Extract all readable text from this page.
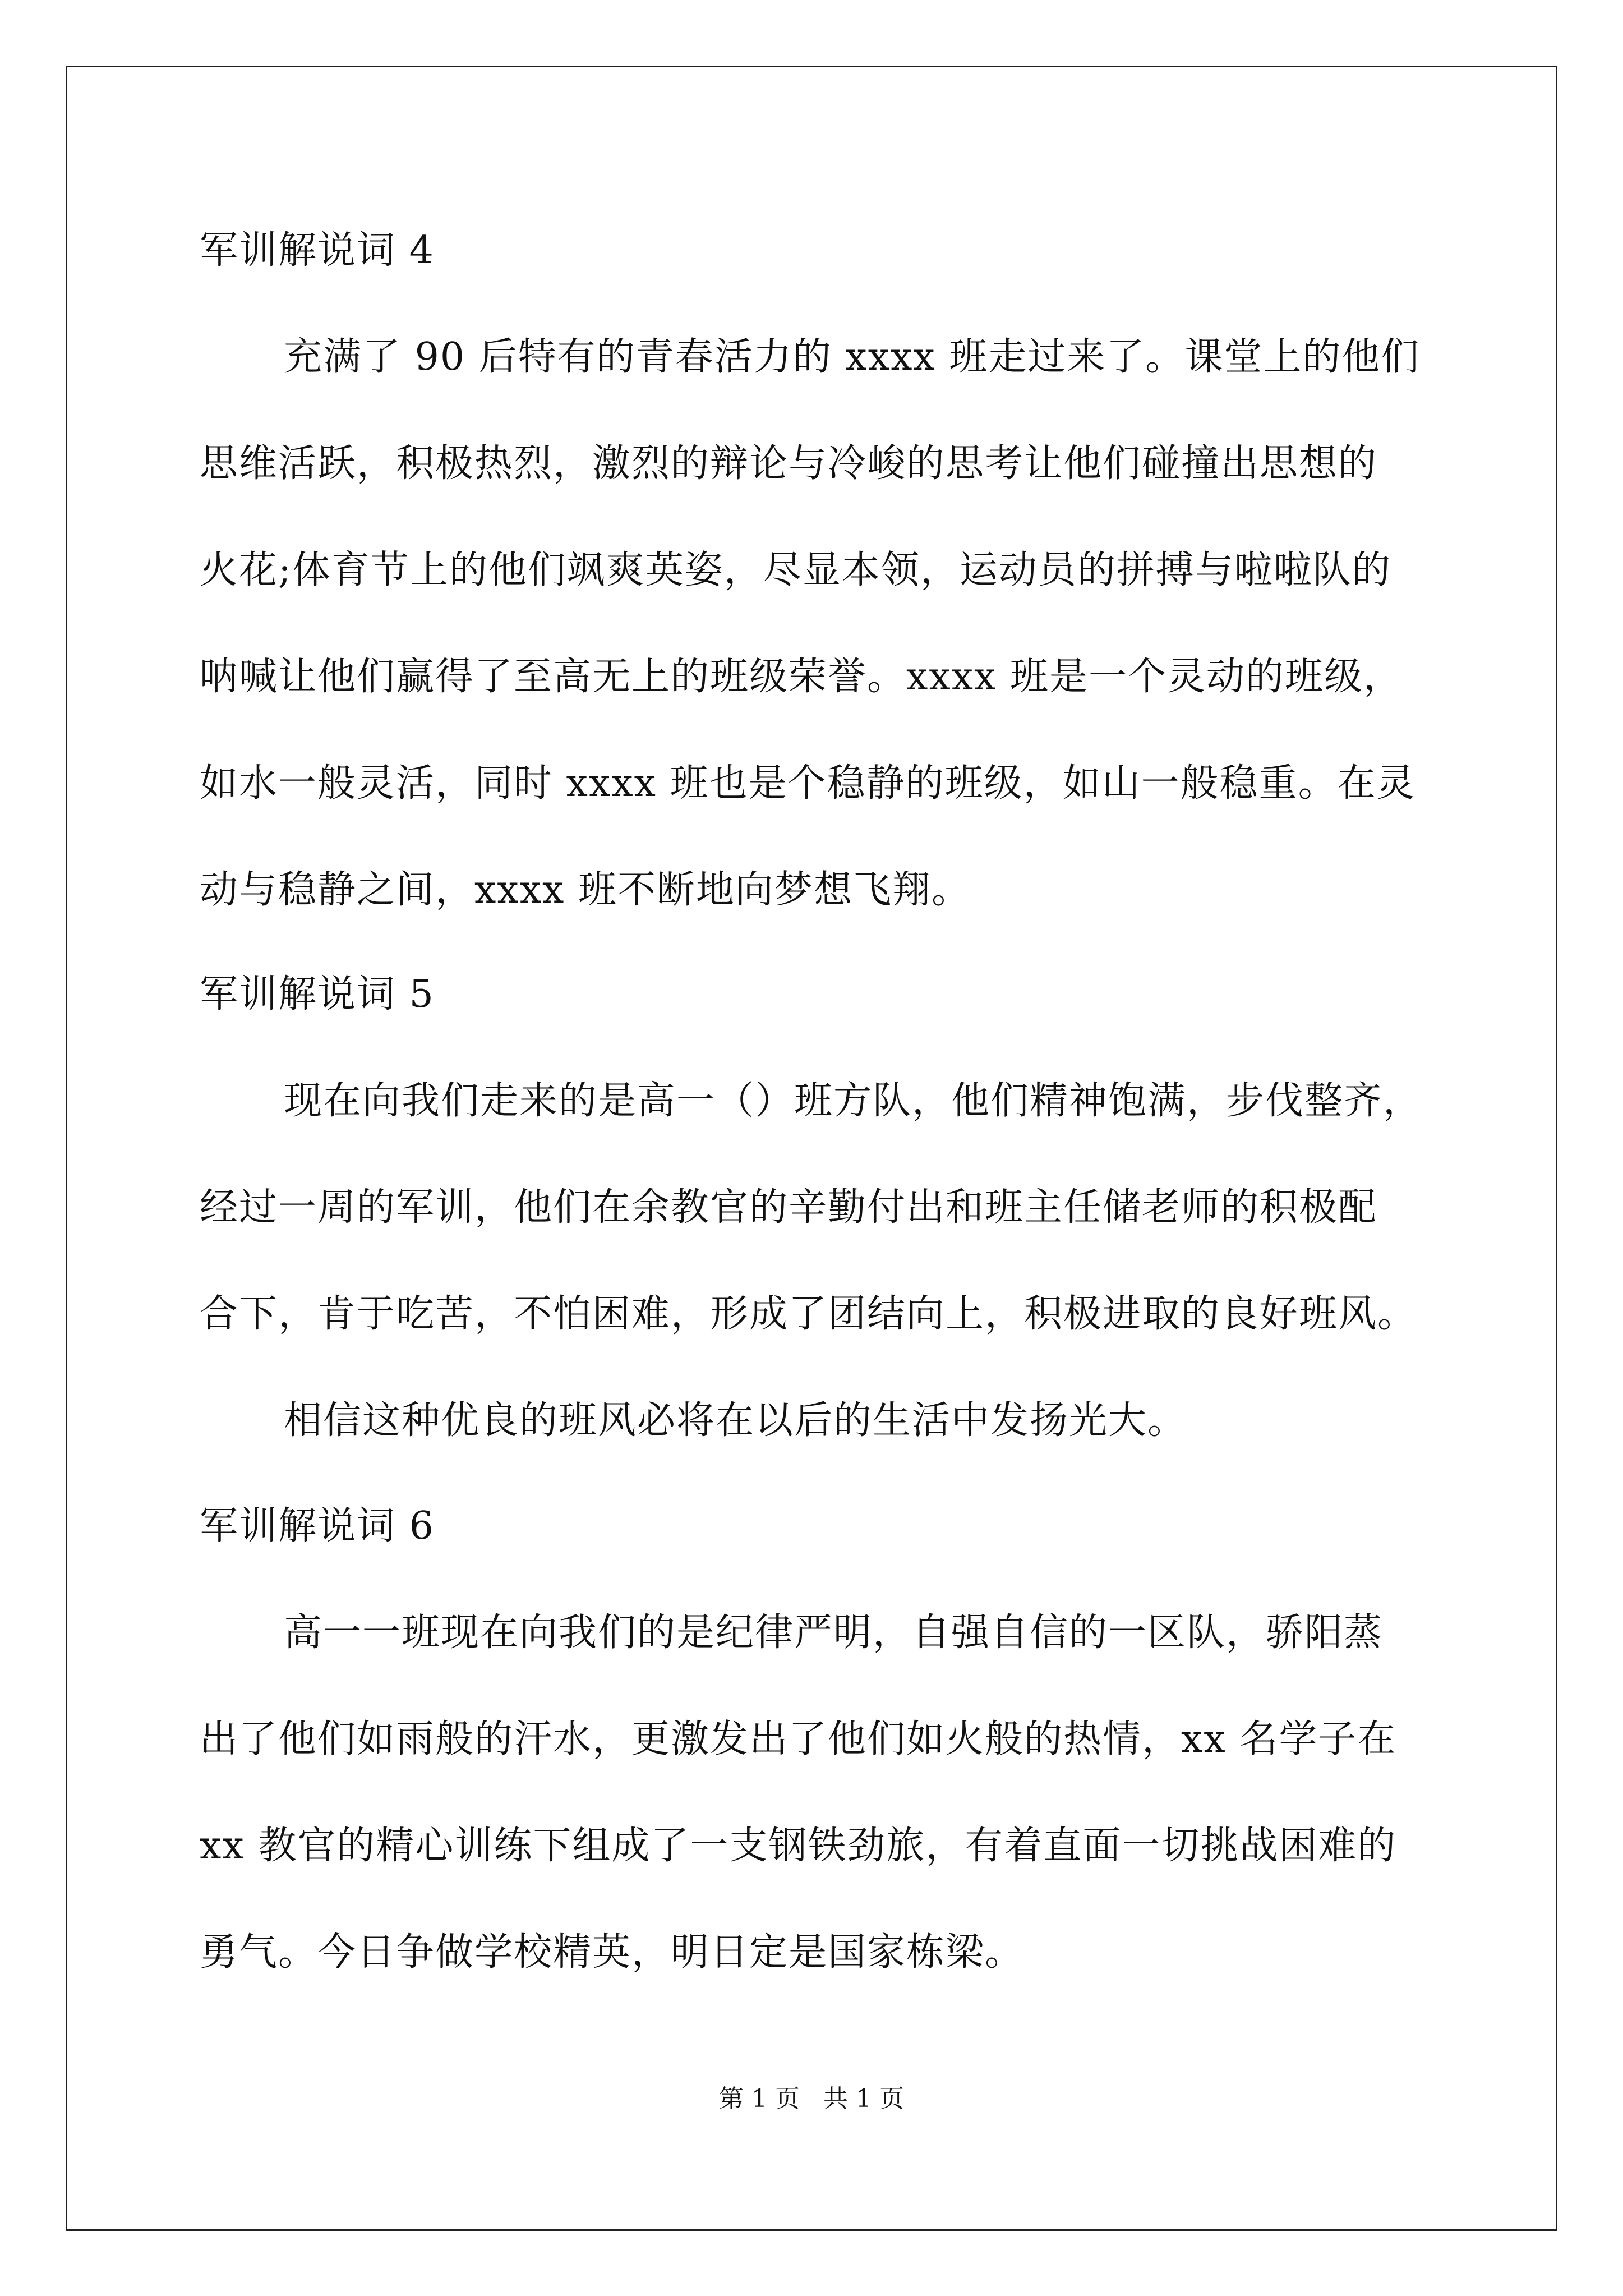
军训解说词 4
充满了 90 后特有的青春活力的 xxxx 班走过来了。课堂上的他们
思维活跃，积极热烈，激烈的辩论与冷峻的思考让他们碰撞出思想的
火花;体育节上的他们飒爽英姿，尽显本领，运动员的拼搏与啦啦队的
呐喊让他们赢得了至高无上的班级荣誉。xxxx 班是一个灵动的班级，
如水一般灵活，同时 xxxx 班也是个稳静的班级，如山一般稳重。在灵
动与稳静之间，xxxx 班不断地向梦想飞翔。
军训解说词 5
现在向我们走来的是高一（）班方队，他们精神饱满，步伐整齐，
经过一周的军训，他们在余教官的辛勤付出和班主任储老师的积极配
合下，肯于吃苦，不怕困难，形成了团结向上，积极进取的良好班风。
相信这种优良的班风必将在以后的生活中发扬光大。
军训解说词 6
高一一班现在向我们的是纪律严明，自强自信的一区队，骄阳蒸
出了他们如雨般的汗水，更激发出了他们如火般的热情，xx 名学子在
xx 教官的精心训练下组成了一支钢铁劲旅，有着直面一切挑战困难的
勇气。今日争做学校精英，明日定是国家栋梁。
第 1 页 共 1 页
